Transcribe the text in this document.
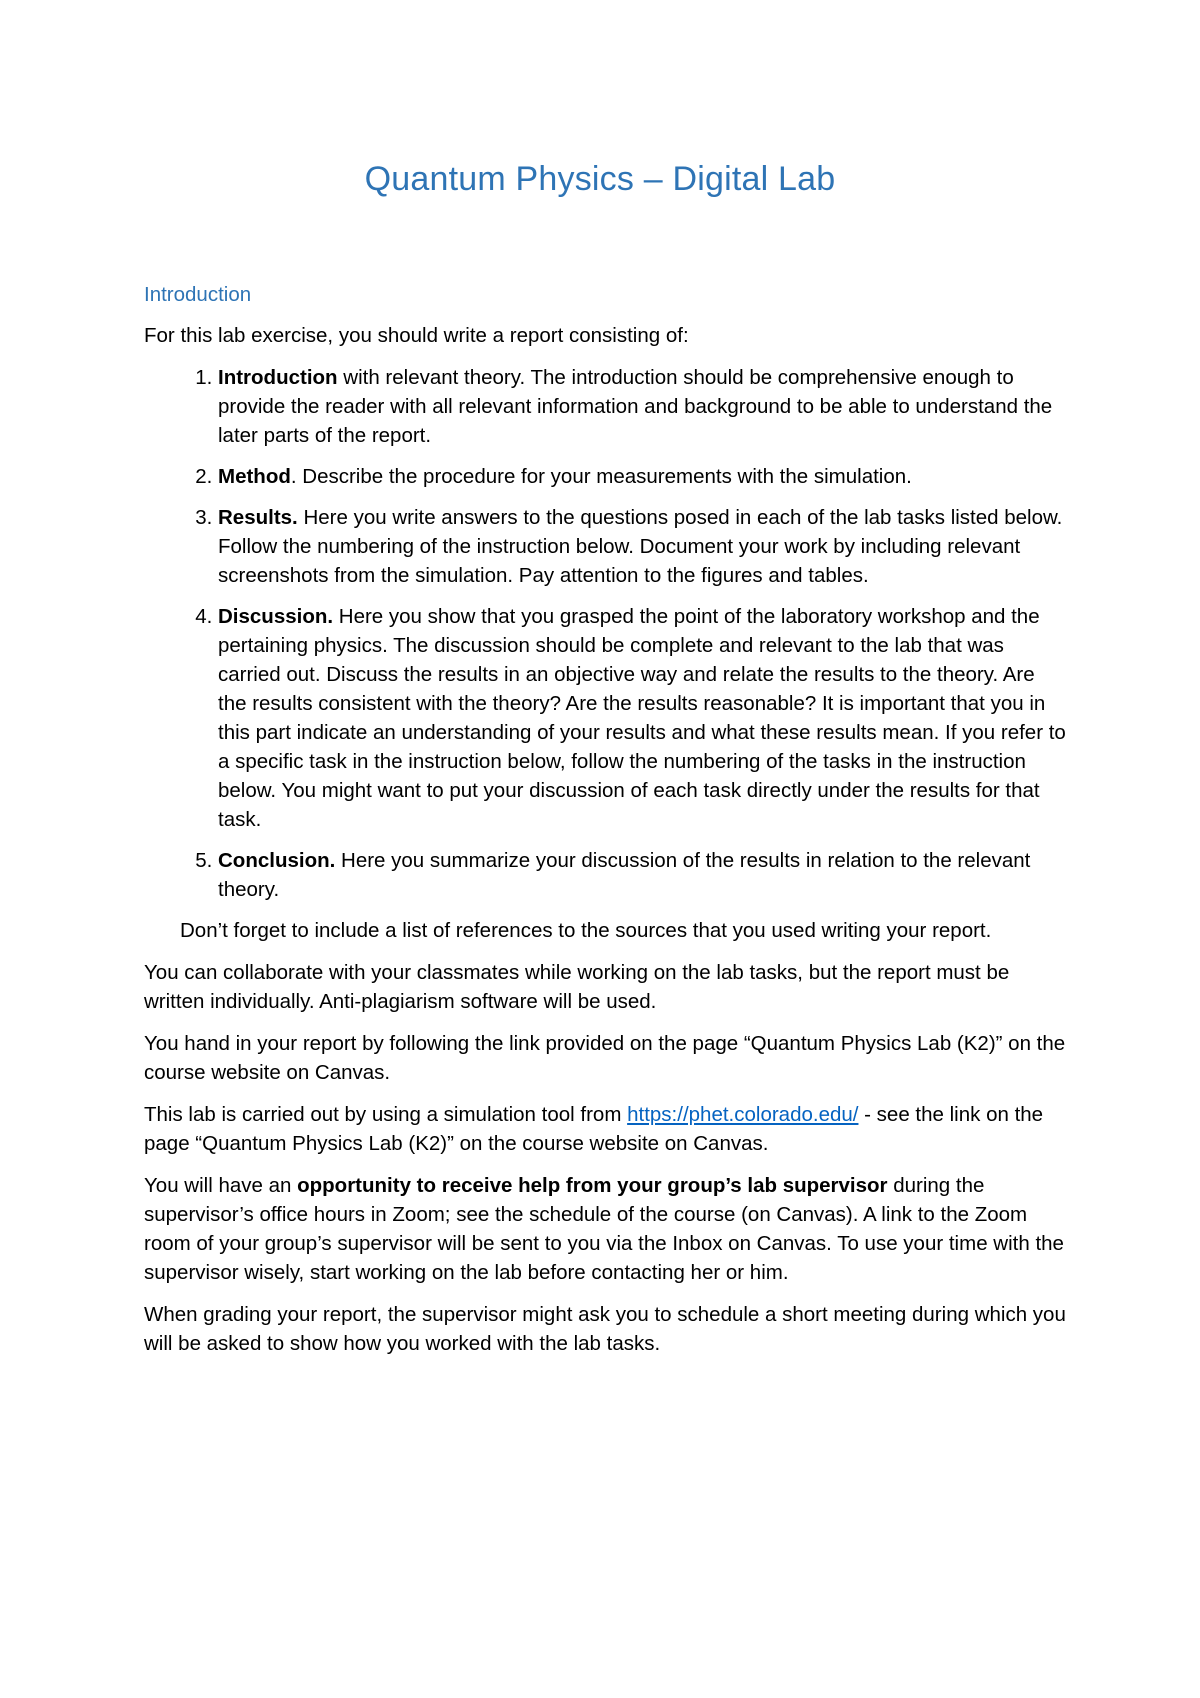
Quantum Physics – Digital Lab
Introduction

For this lab exercise, you should write a report consisting of:

1. Introduction with relevant theory. The introduction should be comprehensive enough to provide the reader with all relevant information and background to be able to understand the later parts of the report.
2. Method. Describe the procedure for your measurements with the simulation.
3. Results. Here you write answers to the questions posed in each of the lab tasks listed below. Follow the numbering of the instruction below. Document your work by including relevant screenshots from the simulation. Pay attention to the figures and tables.
4. Discussion. Here you show that you grasped the point of the laboratory workshop and the pertaining physics. The discussion should be complete and relevant to the lab that was carried out. Discuss the results in an objective way and relate the results to the theory. Are the results consistent with the theory? Are the results reasonable? It is important that you in this part indicate an understanding of your results and what these results mean. If you refer to a specific task in the instruction below, follow the numbering of the tasks in the instruction below. You might want to put your discussion of each task directly under the results for that task.
5. Conclusion. Here you summarize your discussion of the results in relation to the relevant theory.

Don’t forget to include a list of references to the sources that you used writing your report.

You can collaborate with your classmates while working on the lab tasks, but the report must be written individually. Anti-plagiarism software will be used.

You hand in your report by following the link provided on the page “Quantum Physics Lab (K2)” on the course website on Canvas.

This lab is carried out by using a simulation tool from https://phet.colorado.edu/ - see the link on the page “Quantum Physics Lab (K2)” on the course website on Canvas.

You will have an opportunity to receive help from your group’s lab supervisor during the supervisor’s office hours in Zoom; see the schedule of the course (on Canvas). A link to the Zoom room of your group’s supervisor will be sent to you via the Inbox on Canvas. To use your time with the supervisor wisely, start working on the lab before contacting her or him.

When grading your report, the supervisor might ask you to schedule a short meeting during which you will be asked to show how you worked with the lab tasks.
